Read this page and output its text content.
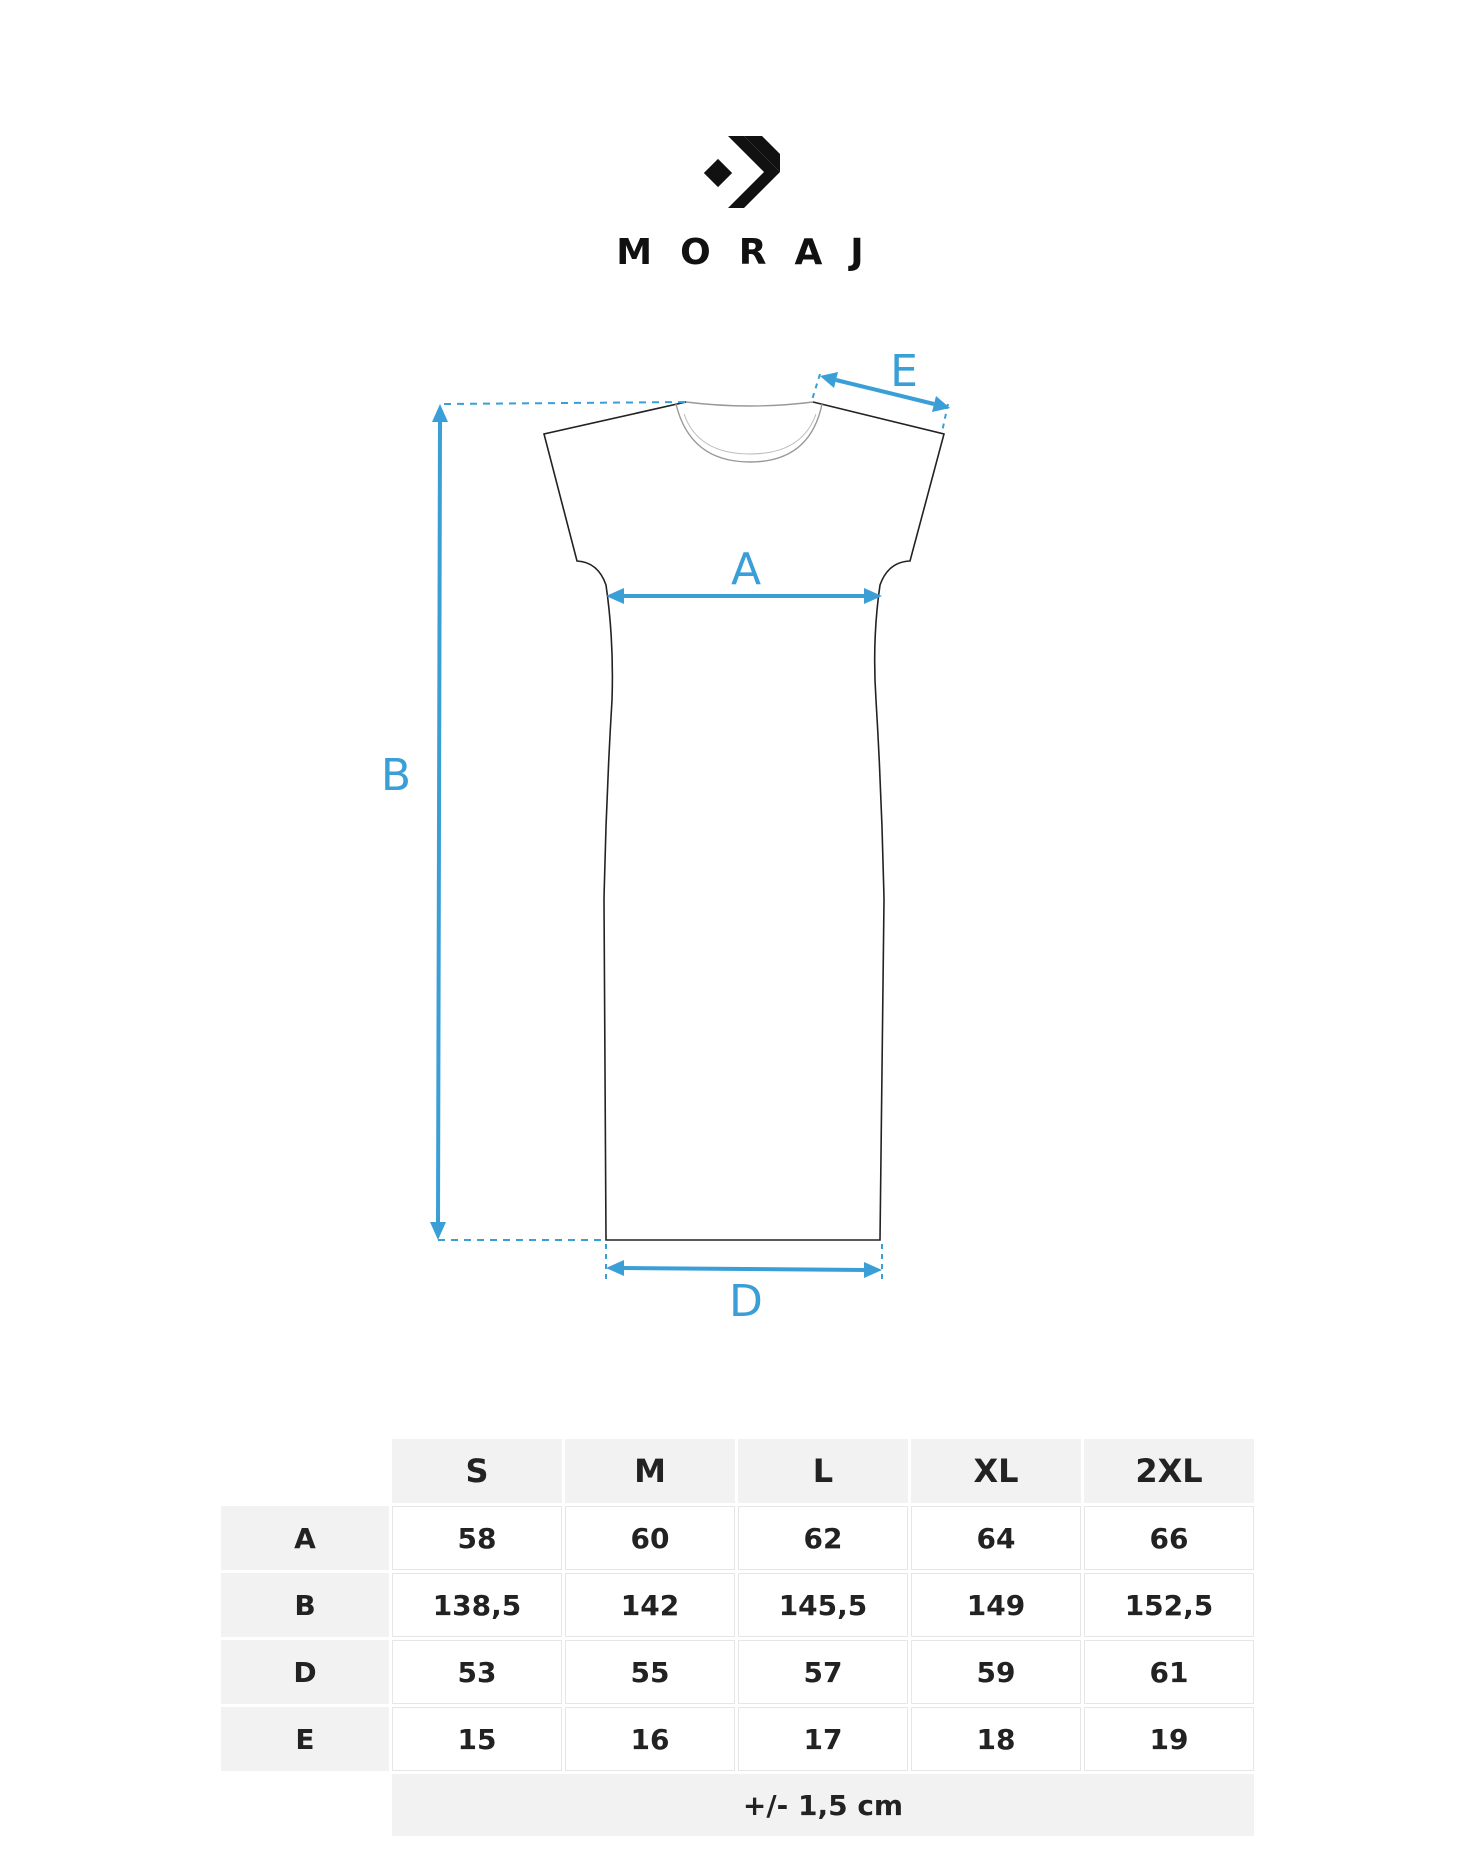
MORAJ
B
A
D
E
	S	M	L	XL	2XL
A	58	60	62	64	66
B	138,5	142	145,5	149	152,5
D	53	55	57	59	61
E	15	16	17	18	19
	+/- 1,5 cm				
